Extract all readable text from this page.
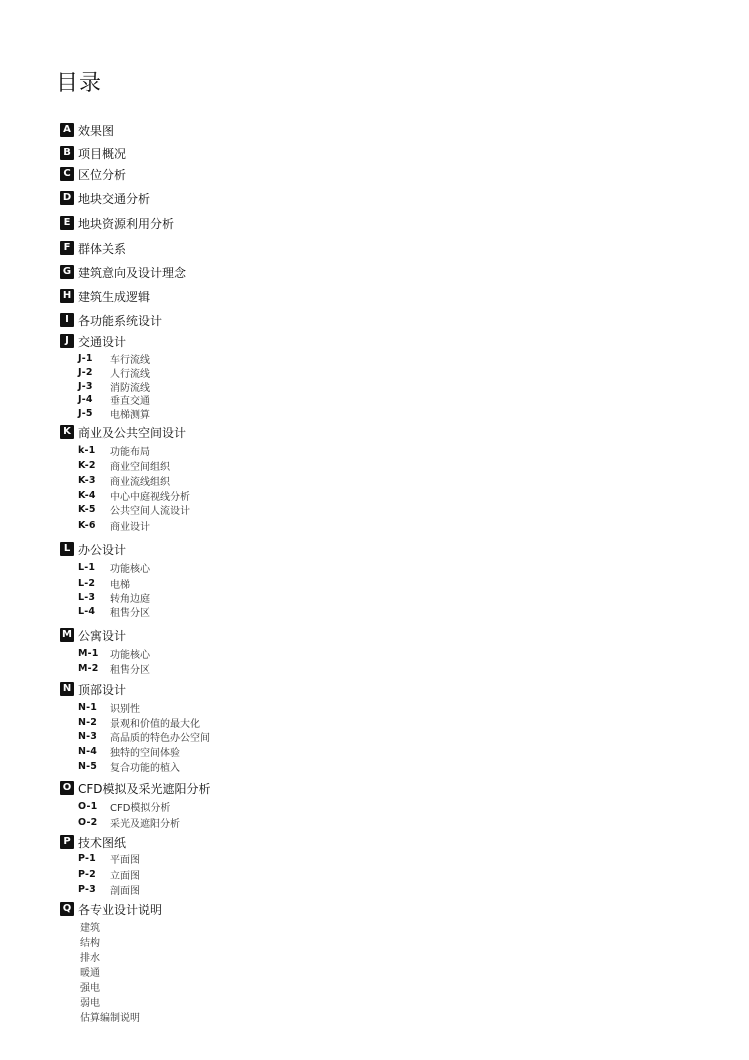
目录
A 效果图
B 项目概况
C 区位分析
D 地块交通分析
E 地块资源利用分析
F 群体关系
G 建筑意向及设计理念
H 建筑生成逻辑
I 各功能系统设计
J 交通设计
J-1	车行流线
J-2	人行流线
J-3	消防流线
J-4	垂直交通
J-5	电梯测算
K 商业及公共空间设计
k-1	功能布局
K-2	商业空间组织
K-3	商业流线组织
K-4	中心中庭视线分析
K-5	公共空间人流设计
K-6	商业设计
L 办公设计
L-1	功能核心
L-2	电梯
L-3	转角边庭
L-4	租售分区
M 公寓设计
M-1	功能核心
M-2	租售分区
N 顶部设计
N-1	识别性
N-2	景观和价值的最大化
N-3	高品质的特色办公空间
N-4	独特的空间体验
N-5	复合功能的植入
O CFD模拟及采光遮阳分析
O-1	CFD模拟分析
O-2	采光及遮阳分析
P 技术图纸
P-1	平面图
P-2	立面图
P-3	剖面图
Q 各专业设计说明
建筑
结构
排水
暖通
强电
弱电
估算编制说明
